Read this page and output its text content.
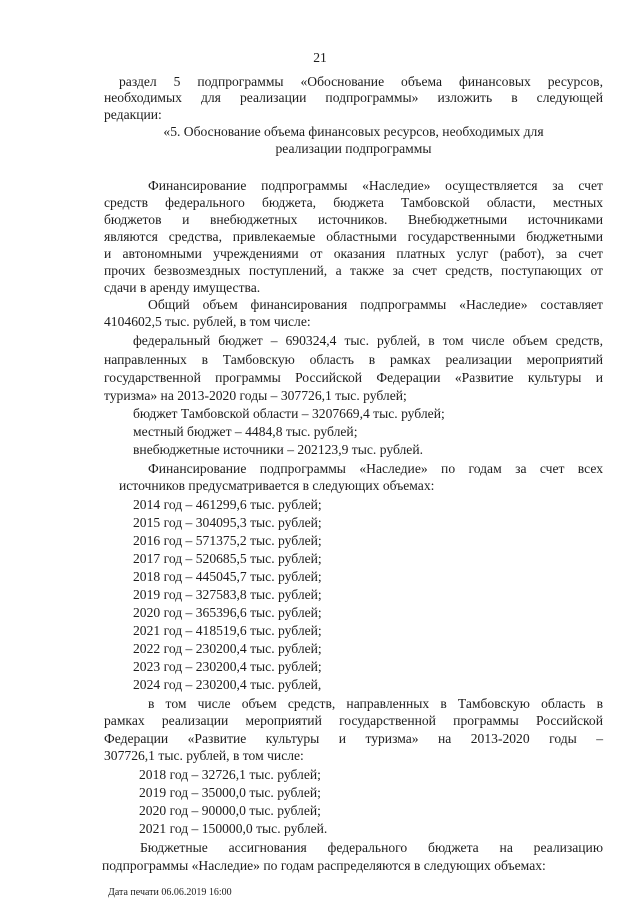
21
раздел 5 подпрограммы «Обоснование объема финансовых ресурсов,
необходимых для реализации подпрограммы» изложить в следующей
редакции:
«5. Обоснование объема финансовых ресурсов, необходимых для
реализации подпрограммы
Финансирование подпрограммы «Наследие» осуществляется за счет
средств федерального бюджета, бюджета Тамбовской области, местных
бюджетов и внебюджетных источников. Внебюджетными источниками
являются средства, привлекаемые областными государственными бюджетными
и автономными учреждениями от оказания платных услуг (работ), за счет
прочих безвозмездных поступлений, а также за счет средств, поступающих от
сдачи в аренду имущества.
Общий объем финансирования подпрограммы «Наследие» составляет
4104602,5 тыс. рублей, в том числе:
федеральный бюджет – 690324,4 тыс. рублей, в том числе объем средств,
направленных в Тамбовскую область в рамках реализации мероприятий
государственной программы Российской Федерации «Развитие культуры и
туризма» на 2013-2020 годы – 307726,1 тыс. рублей;
бюджет Тамбовской области – 3207669,4 тыс. рублей;
местный бюджет – 4484,8 тыс. рублей;
внебюджетные источники – 202123,9 тыс. рублей.
Финансирование подпрограммы «Наследие» по годам за счет всех
источников предусматривается в следующих объемах:
2014 год – 461299,6 тыс. рублей;
2015 год – 304095,3 тыс. рублей;
2016 год – 571375,2 тыс. рублей;
2017 год – 520685,5 тыс. рублей;
2018 год – 445045,7 тыс. рублей;
2019 год – 327583,8 тыс. рублей;
2020 год – 365396,6 тыс. рублей;
2021 год – 418519,6 тыс. рублей;
2022 год – 230200,4 тыс. рублей;
2023 год – 230200,4 тыс. рублей;
2024 год – 230200,4 тыс. рублей,
в том числе объем средств, направленных в Тамбовскую область в
рамках реализации мероприятий государственной программы Российской
Федерации «Развитие культуры и туризма» на 2013-2020 годы –
307726,1 тыс. рублей, в том числе:
2018 год – 32726,1 тыс. рублей;
2019 год – 35000,0 тыс. рублей;
2020 год – 90000,0 тыс. рублей;
2021 год – 150000,0 тыс. рублей.
Бюджетные ассигнования федерального бюджета на реализацию
подпрограммы «Наследие» по годам распределяются в следующих объемах:
Дата печати 06.06.2019 16:00
